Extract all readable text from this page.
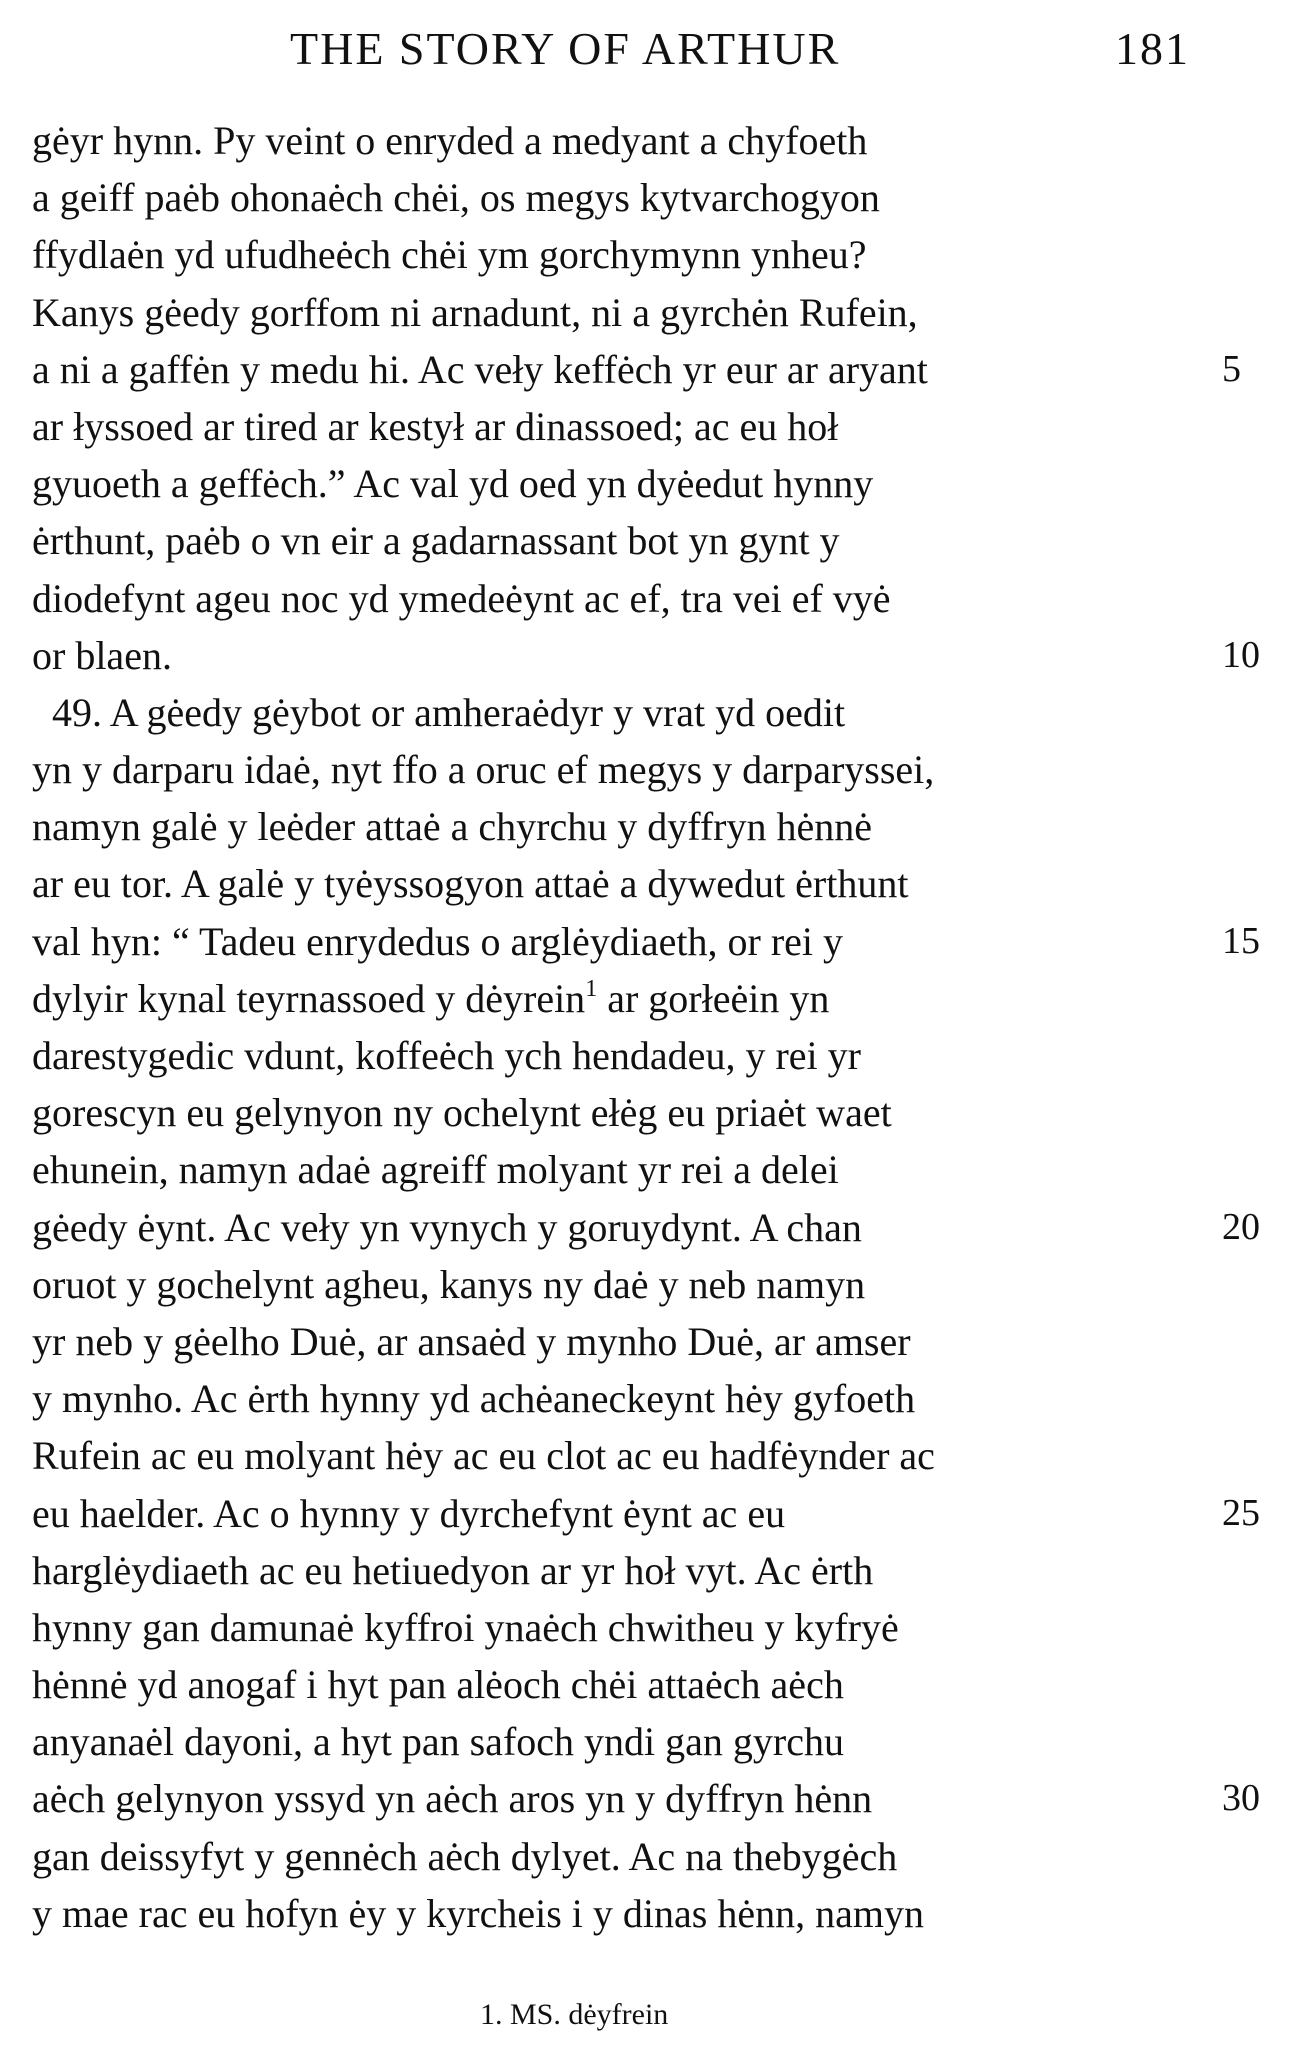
THE STORY OF ARTHUR	181
gėyr hynn. Py veint o enryded a medyant a chyfoeth
a geiff paėb ohonaėch chėi, os megys kytvarchogyon
ffydlaėn yd ufudheėch chėi ym gorchymynn ynheu?
Kanys gėedy gorffom ni arnadunt, ni a gyrchėn Rufein,
a ni a gaffėn y medu hi. Ac veły keffėch yr eur ar aryant	5
ar łyssoed ar tired ar kestył ar dinassoed; ac eu hoł
gyuoeth a geffėch.” Ac val yd oed yn dyėedut hynny
ėrthunt, paėb o vn eir a gadarnassant bot yn gynt y
diodefynt ageu noc yd ymedeėynt ac ef, tra vei ef vyė
or blaen.	10
49. A gėedy gėybot or amheraėdyr y vrat yd oedit
yn y darparu idaė, nyt ffo a oruc ef megys y darparyssei,
namyn galė y leėder attaė a chyrchu y dyffryn hėnnė
ar eu tor. A galė y tyėyssogyon attaė a dywedut ėrthunt
val hyn: “ Tadeu enrydedus o arglėydiaeth, or rei y	15
dylyir kynal teyrnassoed y dėyrein$^1$ ar gorłeėin yn
darestygedic vdunt, koffeėch ych hendadeu, y rei yr
gorescyn eu gelynyon ny ochelynt ełėg eu priaėt waet
ehunein, namyn adaė agreiff molyant yr rei a delei
gėedy ėynt. Ac veły yn vynych y goruydynt. A chan	20
oruot y gochelynt agheu, kanys ny daė y neb namyn
yr neb y gėelho Duė, ar ansaėd y mynho Duė, ar amser
y mynho. Ac ėrth hynny yd achėaneckeynt hėy gyfoeth
Rufein ac eu molyant hėy ac eu clot ac eu hadfėynder ac
eu haelder. Ac o hynny y dyrchefynt ėynt ac eu	25
harglėydiaeth ac eu hetiuedyon ar yr hoł vyt. Ac ėrth
hynny gan damunaė kyffroi ynaėch chwitheu y kyfryė
hėnnė yd anogaf i hyt pan alėoch chėi attaėch aėch
anyanaėl dayoni, a hyt pan safoch yndi gan gyrchu
aėch gelynyon yssyd yn aėch aros yn y dyffryn hėnn	30
gan deissyfyt y gennėch aėch dylyet. Ac na thebygėch
y mae rac eu hofyn ėy y kyrcheis i y dinas hėnn, namyn
1. MS. dėyfrein
